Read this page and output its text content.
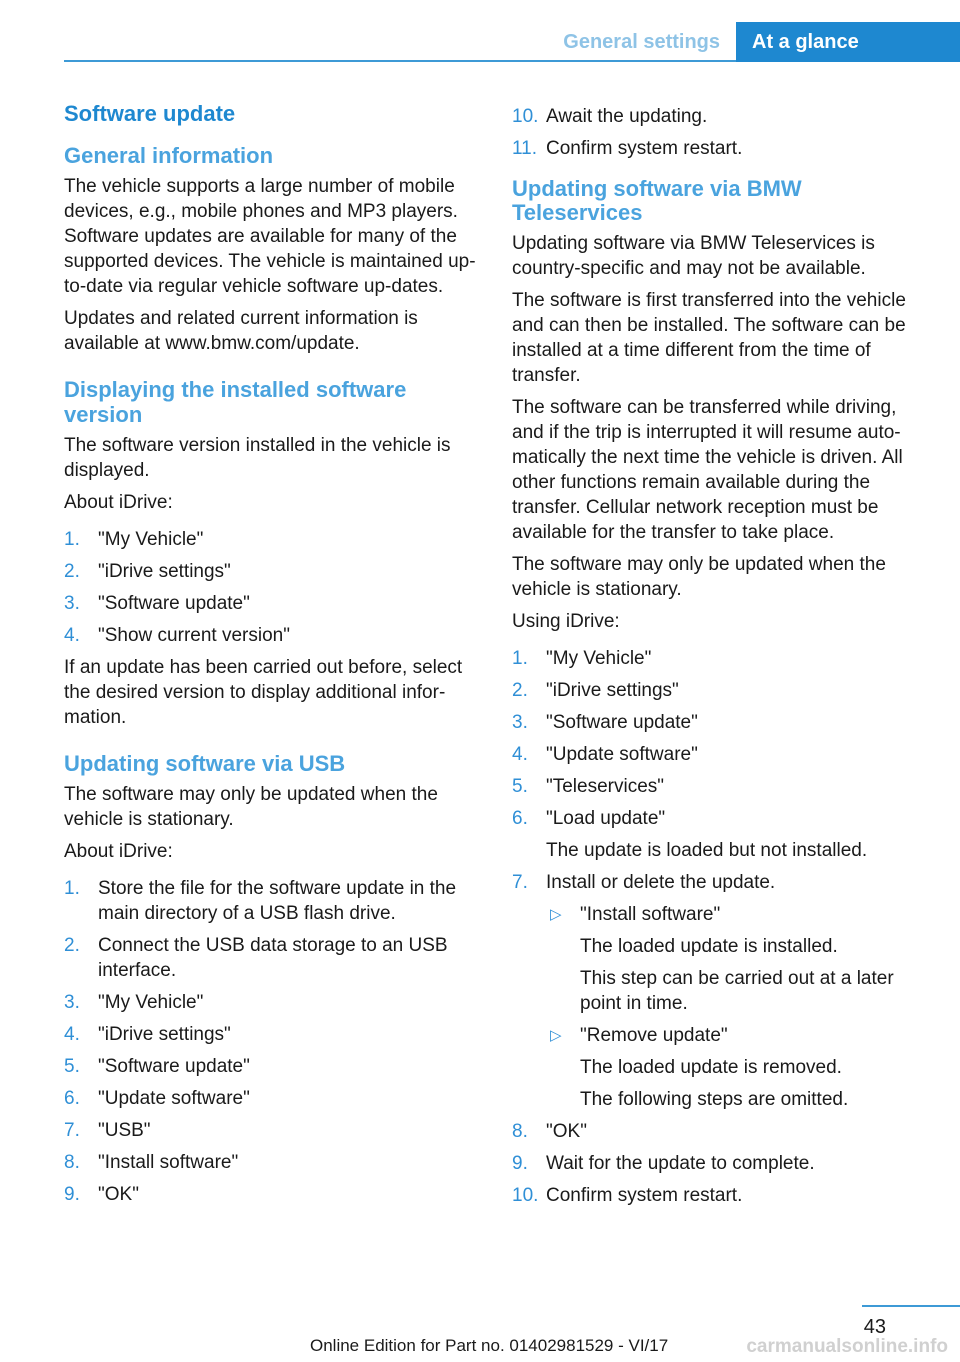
General settings	At a glance
Software update
General information

The vehicle supports a large number of mobile devices, e.g., mobile phones and MP3 players. Software updates are available for many of the supported devices. The vehicle is maintained up-to-date via regular vehicle software up‐dates.

Updates and related current information is available at www.bmw.com/update.

Displaying the installed software version

The software version installed in the vehicle is displayed.

About iDrive:

1. "My Vehicle"
2. "iDrive settings"
3. "Software update"
4. "Show current version"

If an update has been carried out before, select the desired version to display additional infor‐mation.

Updating software via USB

The software may only be updated when the vehicle is stationary.

About iDrive:

1. Store the file for the software update in the main directory of a USB flash drive.
2. Connect the USB data storage to an USB interface.
3. "My Vehicle"
4. "iDrive settings"
5. "Software update"
6. "Update software"
7. "USB"
8. "Install software"
9. "OK"
10. Await the updating.
11. Confirm system restart.
Updating software via BMW Teleservices

Updating software via BMW Teleservices is country-specific and may not be available.

The software is first transferred into the vehicle and can then be installed. The software can be installed at a time different from the time of transfer.

The software can be transferred while driving, and if the trip is interrupted it will resume auto‐matically the next time the vehicle is driven. All other functions remain available during the transfer. Cellular network reception must be available for the transfer to take place.

The software may only be updated when the vehicle is stationary.

Using iDrive:

1. "My Vehicle"
2. "iDrive settings"
3. "Software update"
4. "Update software"
5. "Teleservices"
6. "Load update"
The update is loaded but not installed.
7. Install or delete the update.
▷ "Install software"
The loaded update is installed.
This step can be carried out at a later point in time.
▷ "Remove update"
The loaded update is removed.
The following steps are omitted.
8. "OK"
9. Wait for the update to complete.
10. Confirm system restart.
43
Online Edition for Part no. 01402981529 - VI/17	carmanualsonline.info
